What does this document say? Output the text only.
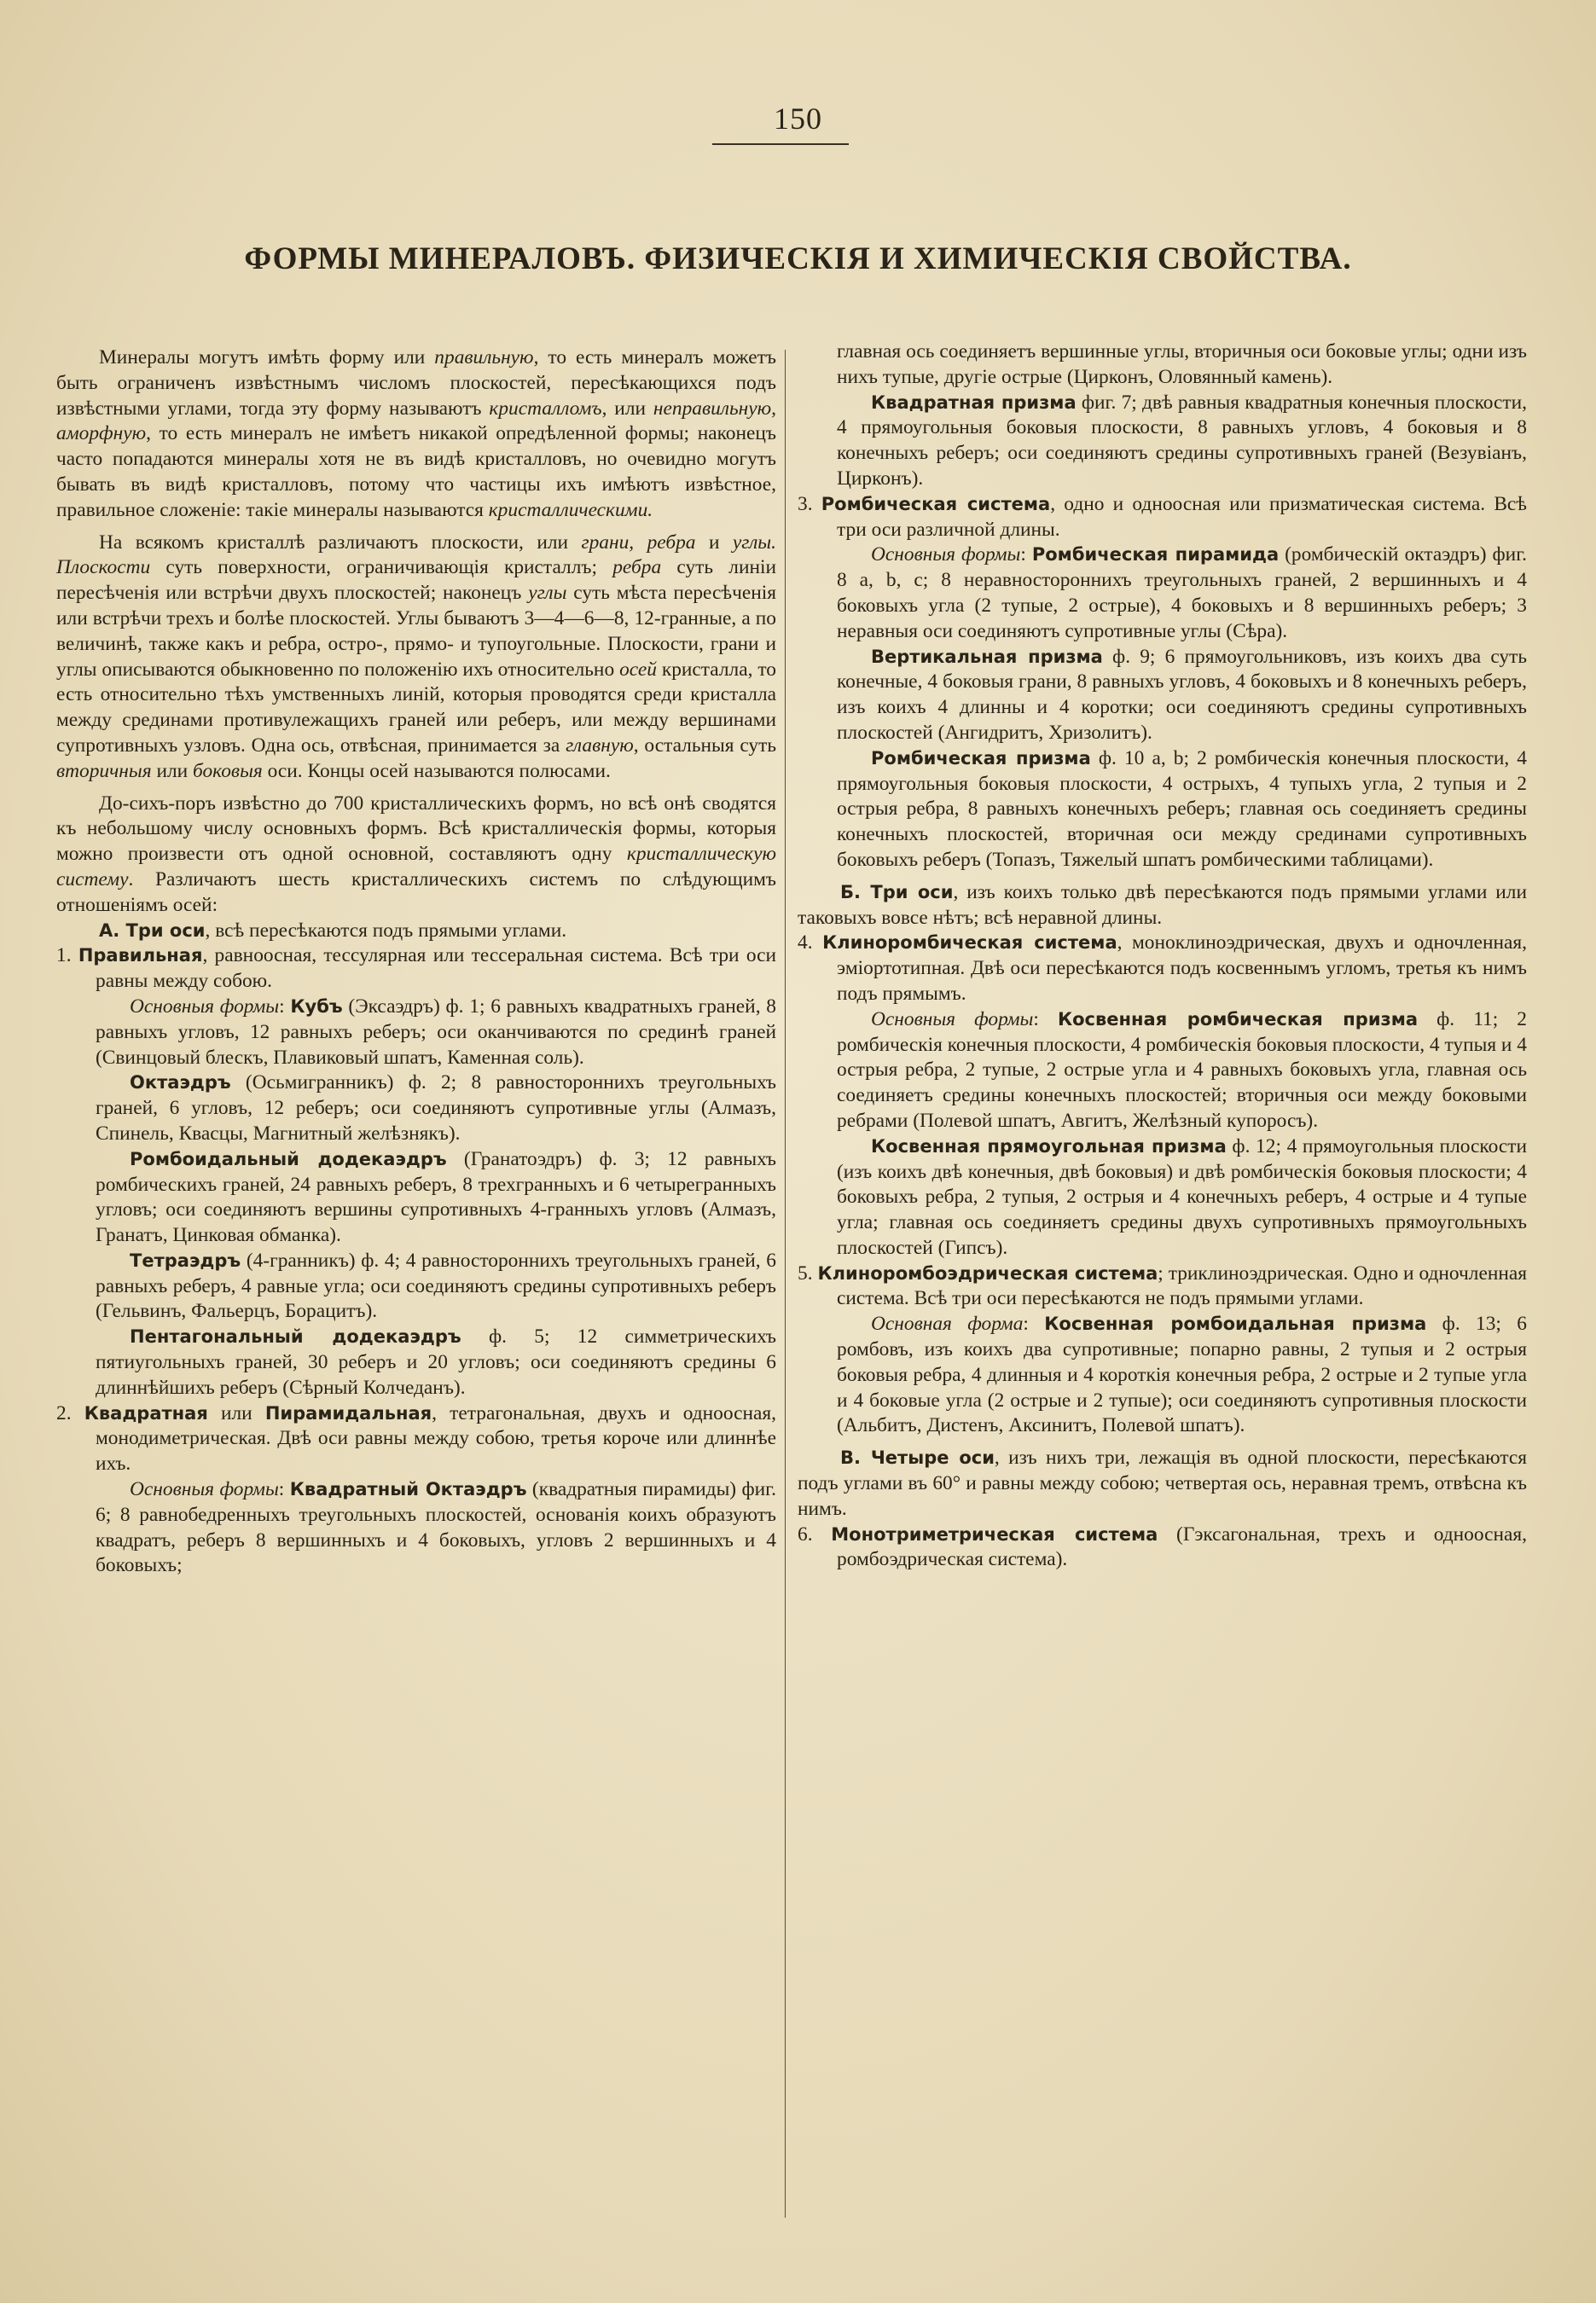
150
ФОРМЫ МИНЕРАЛОВЪ. ФИЗИЧЕСКIЯ И ХИМИЧЕСКIЯ СВОЙСТВА.

Минералы могутъ имѣть форму или правильную, то есть минералъ можетъ быть ограниченъ извѣстнымъ числомъ плоскостей, пересѣкающихся подъ извѣстными углами, тогда эту форму называютъ кристалломъ, или неправильную, аморфную, то есть минералъ не имѣетъ никакой опредѣленной формы; наконецъ часто попадаются минералы хотя не въ видѣ кристалловъ, но очевидно могутъ бывать въ видѣ кристалловъ, потому что частицы ихъ имѣютъ извѣстное, правильное сложенiе: такiе минералы называются кристаллическими.

На всякомъ кристаллѣ различаютъ плоскости, или грани, ребра и углы. Плоскости суть поверхности, ограничивающiя кристаллъ; ребра суть линiи пересѣченiя или встрѣчи двухъ плоскостей; наконецъ углы суть мѣста пересѣченiя или встрѣчи трехъ и болѣе плоскостей. Углы бываютъ 3—4—6—8, 12-гранные, а по величинѣ, также какъ и ребра, остро-, прямо- и тупоугольные. Плоскости, грани и углы описываются обыкновенно по положенiю ихъ относительно осей кристалла, то есть относительно тѣхъ умственныхъ линiй, которыя проводятся среди кристалла между срединами противулежащихъ граней или реберъ, или между вершинами супротивныхъ узловъ. Одна ось, отвѣсная, принимается за главную, остальныя суть вторичныя или боковыя оси. Концы осей называются полюсами.

До-сихъ-поръ извѣстно до 700 кристаллическихъ формъ, но всѣ онѣ сводятся къ небольшому числу основныхъ формъ. Всѣ кристаллическiя формы, которыя можно произвести отъ одной основной, составляютъ одну кристаллическую систему. Различаютъ шесть кристаллическихъ системъ по слѣдующимъ отношенiямъ осей:

А. Три оси, всѣ пересѣкаются подъ прямыми углами.

1. Правильная, равноосная, тессулярная или тессеральная система. Всѣ три оси равны между собою.

Основныя формы: Кубъ (Эксаэдръ) ф. 1; 6 равныхъ квадратныхъ граней, 8 равныхъ угловъ, 12 равныхъ реберъ; оси оканчиваются по срединѣ граней (Свинцовый блескъ, Плавиковый шпатъ, Каменная соль).

Октаэдръ (Осьмигранникъ) ф. 2; 8 равностороннихъ треугольныхъ граней, 6 угловъ, 12 реберъ; оси соединяютъ супротивные углы (Алмазъ, Спинель, Квасцы, Магнитный желѣзнякъ).

Ромбоидальный додекаэдръ (Гранатоэдръ) ф. 3; 12 равныхъ ромбическихъ граней, 24 равныхъ реберъ, 8 трехгранныхъ и 6 четырегранныхъ угловъ; оси соединяютъ вершины супротивныхъ 4-гранныхъ угловъ (Алмазъ, Гранатъ, Цинковая обманка).

Тетраэдръ (4-гранникъ) ф. 4; 4 равностороннихъ треугольныхъ граней, 6 равныхъ реберъ, 4 равные угла; оси соединяютъ средины супротивныхъ реберъ (Гельвинъ, Фальерцъ, Борацитъ).

Пентагональный додекаэдръ ф. 5; 12 симметрическихъ пятиугольныхъ граней, 30 реберъ и 20 угловъ; оси соединяютъ средины 6 длиннѣйшихъ реберъ (Сѣрный Колчеданъ).

2. Квадратная или Пирамидальная, тетрагональная, двухъ и одноосная, монодиметрическая. Двѣ оси равны между собою, третья короче или длиннѣе ихъ.

Основныя формы: Квадратный Октаэдръ (квадратныя пирамиды) фиг. 6; 8 равнобедренныхъ треугольныхъ плоскостей, основанiя коихъ образуютъ квадратъ, реберъ 8 вершинныхъ и 4 боковыхъ, угловъ 2 вершинныхъ и 4 боковыхъ;

главная ось соединяетъ вершинные углы, вторичныя оси боковые углы; одни изъ нихъ тупые, другiе острые (Цирконъ, Оловянный камень).

Квадратная призма фиг. 7; двѣ равныя квадратныя конечныя плоскости, 4 прямоугольныя боковыя плоскости, 8 равныхъ угловъ, 4 боковыя и 8 конечныхъ реберъ; оси соединяютъ средины супротивныхъ граней (Везувiанъ, Цирконъ).

3. Ромбическая система, одно и одноосная или призматическая система. Всѣ три оси различной длины.

Основныя формы: Ромбическая пирамида (ромбическiй октаэдръ) фиг. 8 a, b, c; 8 неравностороннихъ треугольныхъ граней, 2 вершинныхъ и 4 боковыхъ угла (2 тупые, 2 острые), 4 боковыхъ и 8 вершинныхъ реберъ; 3 неравныя оси соединяютъ супротивные углы (Сѣра).

Вертикальная призма ф. 9; 6 прямоугольниковъ, изъ коихъ два суть конечные, 4 боковыя грани, 8 равныхъ угловъ, 4 боковыхъ и 8 конечныхъ реберъ, изъ коихъ 4 длинны и 4 коротки; оси соединяютъ средины супротивныхъ плоскостей (Ангидритъ, Хризолитъ).

Ромбическая призма ф. 10 a, b; 2 ромбическiя конечныя плоскости, 4 прямоугольныя боковыя плоскости, 4 острыхъ, 4 тупыхъ угла, 2 тупыя и 2 острыя ребра, 8 равныхъ конечныхъ реберъ; главная ось соединяетъ средины конечныхъ плоскостей, вторичная оси между срединами супротивныхъ боковыхъ реберъ (Топазъ, Тяжелый шпатъ ромбическими таблицами).

Б. Три оси, изъ коихъ только двѣ пересѣкаются подъ прямыми углами или таковыхъ вовсе нѣтъ; всѣ неравной длины.

4. Клиноромбическая система, моноклиноэдрическая, двухъ и одночленная, эмiортотипная. Двѣ оси пересѣкаются подъ косвеннымъ угломъ, третья къ нимъ подъ прямымъ.

Основныя формы: Косвенная ромбическая призма ф. 11; 2 ромбическiя конечныя плоскости, 4 ромбическiя боковыя плоскости, 4 тупыя и 4 острыя ребра, 2 тупые, 2 острые угла и 4 равныхъ боковыхъ угла, главная ось соединяетъ средины конечныхъ плоскостей; вторичныя оси между боковыми ребрами (Полевой шпатъ, Авгитъ, Желѣзный купоросъ).

Косвенная прямоугольная призма ф. 12; 4 прямоугольныя плоскости (изъ коихъ двѣ конечныя, двѣ боковыя) и двѣ ромбическiя боковыя плоскости; 4 боковыхъ ребра, 2 тупыя, 2 острыя и 4 конечныхъ реберъ, 4 острые и 4 тупые угла; главная ось соединяетъ средины двухъ супротивныхъ прямоугольныхъ плоскостей (Гипсъ).

5. Клиноромбоэдрическая система; триклиноэдрическая. Одно и одночленная система. Всѣ три оси пересѣкаются не подъ прямыми углами.

Основная форма: Косвенная ромбоидальная призма ф. 13; 6 ромбовъ, изъ коихъ два супротивные; попарно равны, 2 тупыя и 2 острыя боковыя ребра, 4 длинныя и 4 короткiя конечныя ребра, 2 острые и 2 тупые угла и 4 боковые угла (2 острые и 2 тупые); оси соединяютъ супротивныя плоскости (Альбитъ, Дистенъ, Аксинитъ, Полевой шпатъ).

В. Четыре оси, изъ нихъ три, лежащiя въ одной плоскости, пересѣкаются подъ углами въ 60° и равны между собою; четвертая ось, неравная тремъ, отвѣсна къ нимъ.

6. Монотриметрическая система (Гэксагональная, трехъ и одноосная, ромбоэдрическая система).
